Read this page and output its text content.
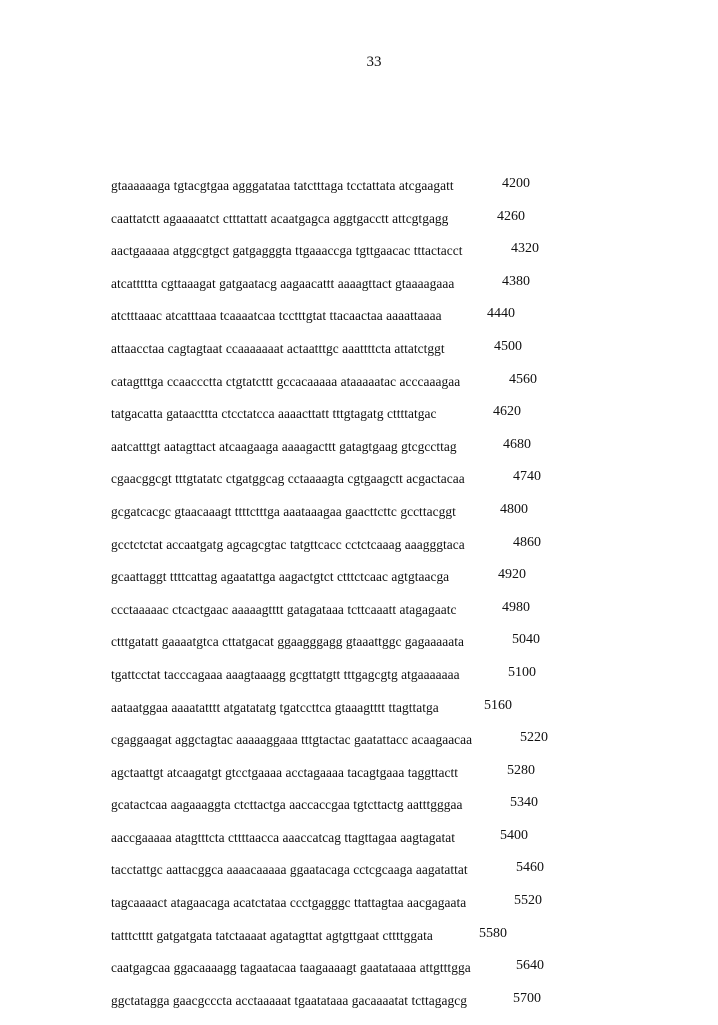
33
gtaaaaaaga tgtacgtgaa agggatataa tatctttaga tcctattata atcgaagatt	4200
caattatctt agaaaaatct ctttattatt acaatgagca aggtgacctt attcgtgagg	4260
aactgaaaaa atggcgtgct gatgagggta ttgaaaccga tgttgaacac tttactacct	4320
atcattttta cgttaaagat gatgaatacg aagaacattt aaaagttact gtaaaagaaa	4380
atctttaaac atcatttaaa tcaaaatcaa tcctttgtat ttacaactaa aaaattaaaa	4440
attaacctaa cagtagtaat ccaaaaaaat actaatttgc aaattttcta attatctggt	4500
catagtttga ccaaccctta ctgtatcttt gccacaaaaa ataaaaatac acccaaagaa	4560
tatgacatta gataacttta ctcctatcca aaaacttatt tttgtagatg cttttatgac	4620
aatcatttgt aatagttact atcaagaaga aaaagacttt gatagtgaag gtcgccttag	4680
cgaacggcgt tttgtatatc ctgatggcag cctaaaagta cgtgaagctt acgactacaa	4740
gcgatcacgc gtaacaaagt ttttctttga aaataaagaa gaacttcttc gccttacggt	4800
gcctctctat accaatgatg agcagcgtac tatgttcacc cctctcaaag aaagggtaca	4860
gcaattaggt ttttcattag agaatattga aagactgtct ctttctcaac agtgtaacga	4920
ccctaaaaac ctcactgaac aaaaagtttt gatagataaa tcttcaaatt atagagaatc	4980
ctttgatatt gaaaatgtca cttatgacat ggaagggagg gtaaattggc gagaaaaata	5040
tgattcctat tacccagaaa aaagtaaagg gcgttatgtt tttgagcgtg atgaaaaaaa	5100
aataatggaa aaaatatttt atgatatatg tgatccttca gtaaagtttt ttagttatga	5160
cgaggaagat aggctagtac aaaaaggaaa tttgtactac gaatattacc acaagaacaa	5220
agctaattgt atcaagatgt gtcctgaaaa acctagaaaa tacagtgaaa taggttactt	5280
gcatactcaa aagaaaggta ctcttactga aaccaccgaa tgtcttactg aatttgggaa	5340
aaccgaaaaa atagtttcta cttttaacca aaaccatcag ttagttagaa aagtagatat	5400
tacctattgc aattacggca aaaacaaaaa ggaatacaga cctcgcaaga aagatattat	5460
tagcaaaact atagaacaga acatctataa ccctgagggc ttattagtaa aacgagaata	5520
tatttctttt gatgatgata tatctaaaat agatagttat agtgttgaat cttttggata	5580
caatgagcaa ggacaaaagg tagaatacaa taagaaaagt gaatataaaa attgtttgga	5640
ggctatagga gaacgcccta acctaaaaat tgaatataaa gacaaaatat tcttagagcg	5700
